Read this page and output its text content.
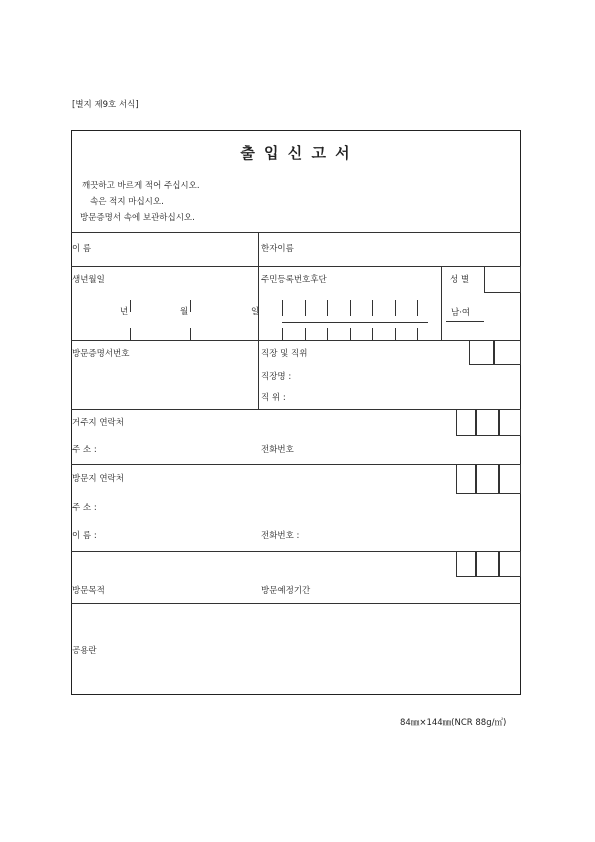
[별지 제9호 서식]
출 입 신 고 서
깨끗하고 바르게 적어 주십시오.
속은 적지 마십시오.
방문증명서 속에 보관하십시오.
이 름	한자이름
생년월일	주민등록번호후단	성 별
년	월	일	남·여
방문증명서번호	직장 및 직위
직장명 :
직 위 :
거주지 연락처
주 소 :	전화번호
방문지 연락처
주 소 :
이 름 :	전화번호 :
방문목적	방문예정기간
공용란
84㎜×144㎜(NCR 88g/㎡)
